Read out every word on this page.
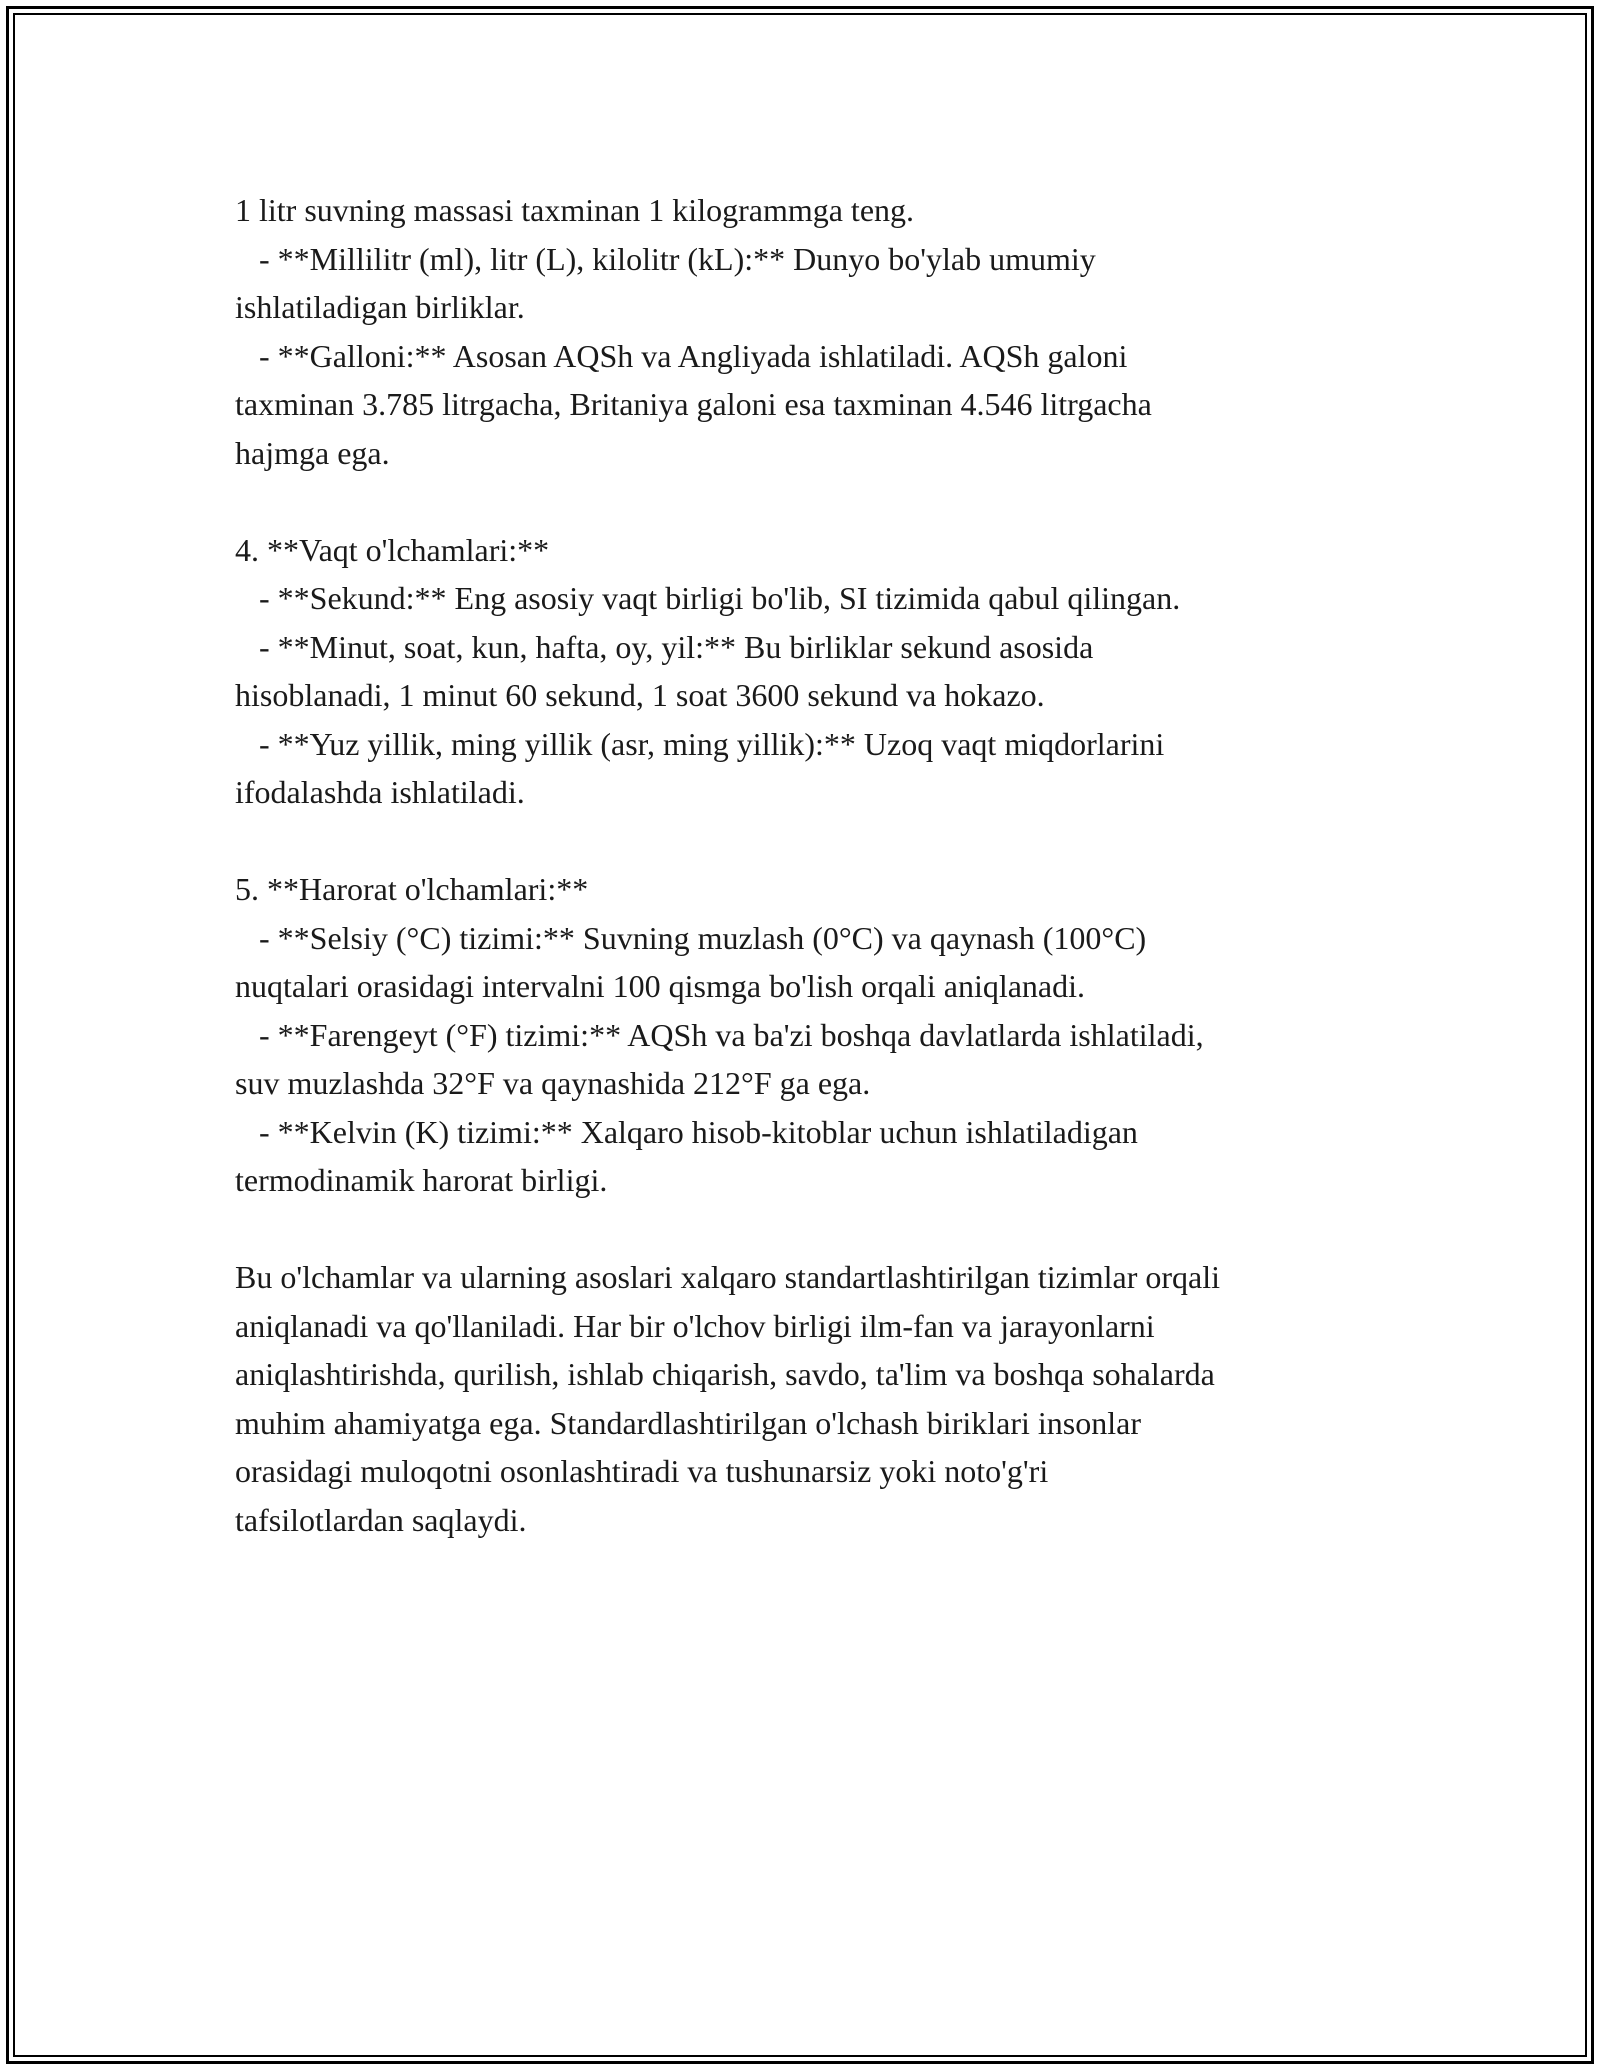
1 litr suvning massasi taxminan 1 kilogrammga teng.
- **Millilitr (ml), litr (L), kilolitr (kL):** Dunyo bo'ylab umumiy
ishlatiladigan birliklar.
- **Galloni:** Asosan AQSh va Angliyada ishlatiladi. AQSh galoni
taxminan 3.785 litrgacha, Britaniya galoni esa taxminan 4.546 litrgacha
hajmga ega.
4. **Vaqt o'lchamlari:**
- **Sekund:** Eng asosiy vaqt birligi bo'lib, SI tizimida qabul qilingan.
- **Minut, soat, kun, hafta, oy, yil:** Bu birliklar sekund asosida
hisoblanadi, 1 minut 60 sekund, 1 soat 3600 sekund va hokazo.
- **Yuz yillik, ming yillik (asr, ming yillik):** Uzoq vaqt miqdorlarini
ifodalashda ishlatiladi.
5. **Harorat o'lchamlari:**
- **Selsiy (°C) tizimi:** Suvning muzlash (0°C) va qaynash (100°C)
nuqtalari orasidagi intervalni 100 qismga bo'lish orqali aniqlanadi.
- **Farengeyt (°F) tizimi:** AQSh va ba'zi boshqa davlatlarda ishlatiladi,
suv muzlashda 32°F va qaynashida 212°F ga ega.
- **Kelvin (K) tizimi:** Xalqaro hisob-kitoblar uchun ishlatiladigan
termodinamik harorat birligi.
Bu o'lchamlar va ularning asoslari xalqaro standartlashtirilgan tizimlar orqali
aniqlanadi va qo'llaniladi. Har bir o'lchov birligi ilm-fan va jarayonlarni
aniqlashtirishda, qurilish, ishlab chiqarish, savdo, ta'lim va boshqa sohalarda
muhim ahamiyatga ega. Standardlashtirilgan o'lchash biriklari insonlar
orasidagi muloqotni osonlashtiradi va tushunarsiz yoki noto'g'ri
tafsilotlardan saqlaydi.
